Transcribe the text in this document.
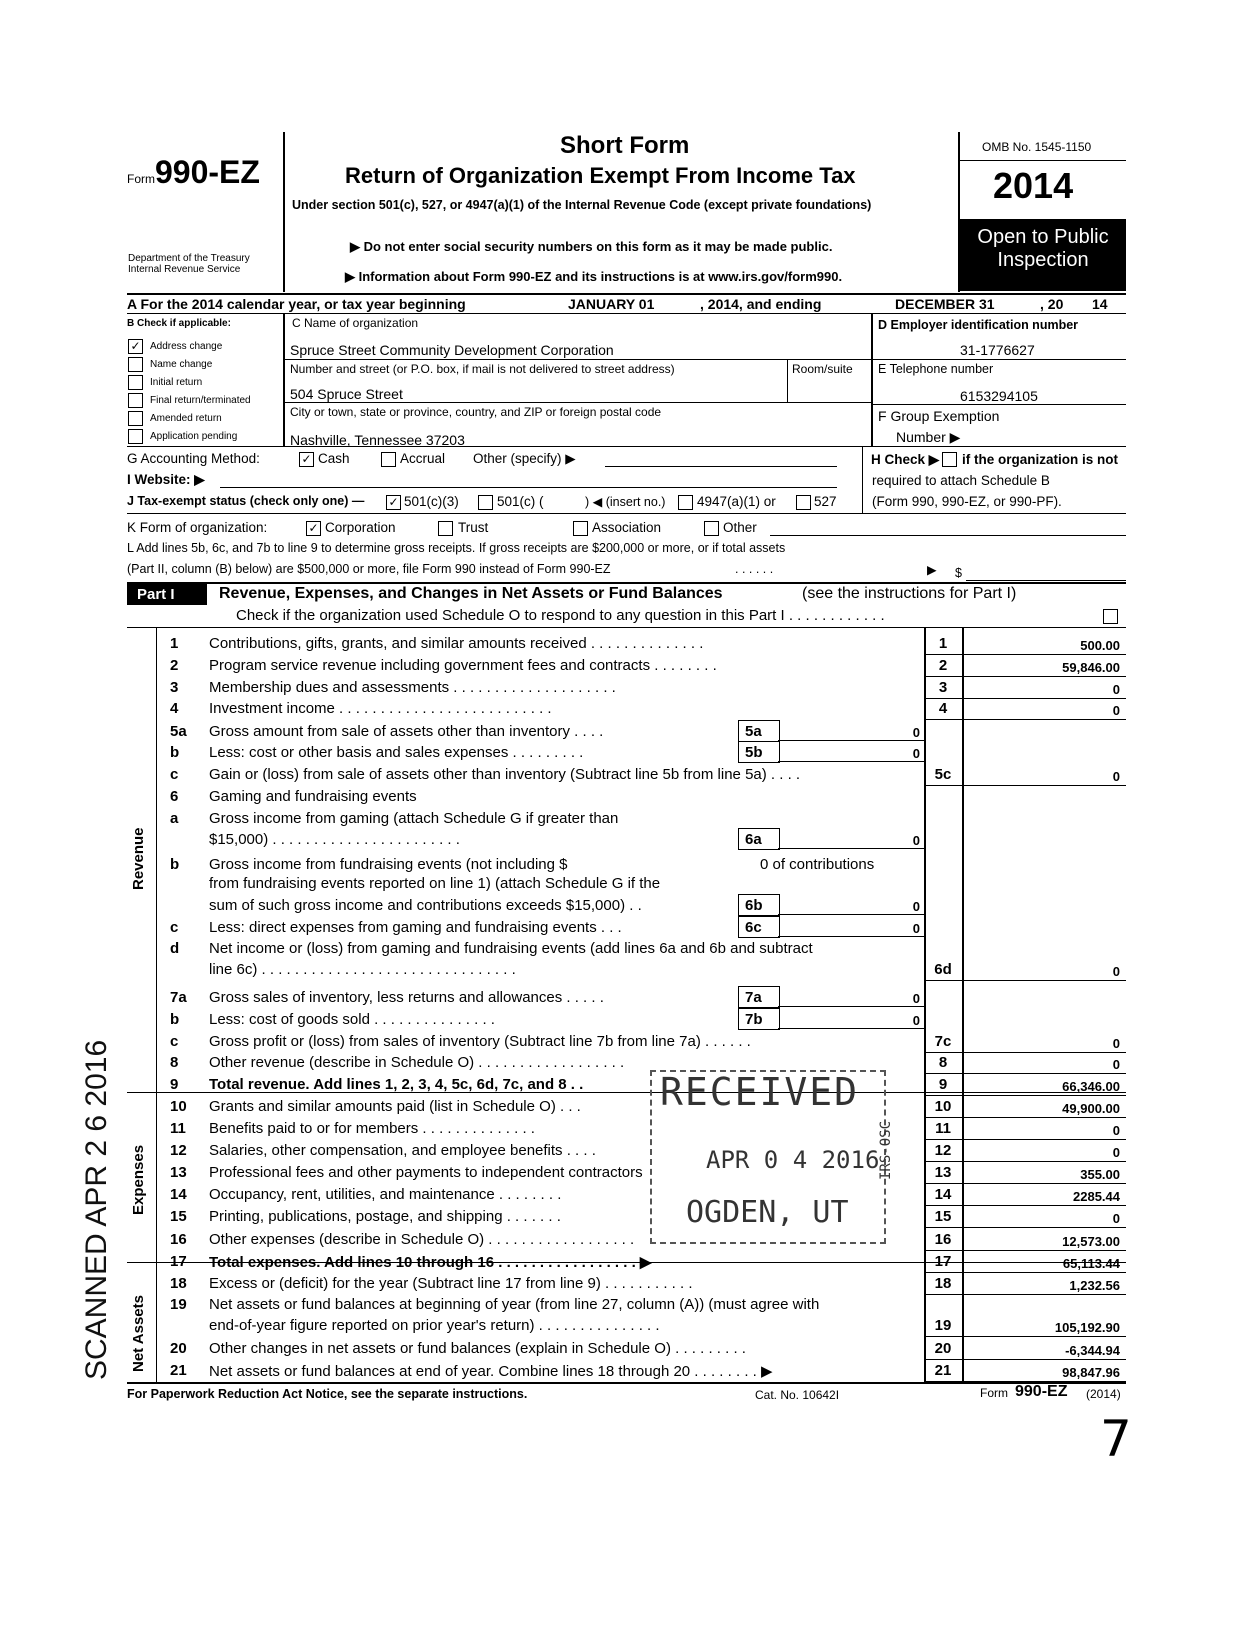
Form 990-EZ
Department of the Treasury
Internal Revenue Service
Short Form
Return of Organization Exempt From Income Tax
Under section 501(c), 527, or 4947(a)(1) of the Internal Revenue Code (except private foundations)
▶ Do not enter social security numbers on this form as it may be made public.
▶ Information about Form 990-EZ and its instructions is at www.irs.gov/form990.
OMB No. 1545-1150
2014
Open to Public
Inspection
A For the 2014 calendar year, or tax year beginning	JANUARY 01	, 2014, and ending	DECEMBER 31	, 20 14
B Check if applicable:
✓ Address change
Name change
Initial return
Final return/terminated
Amended return
Application pending
C Name of organization
Spruce Street Community Development Corporation
Number and street (or P.O. box, if mail is not delivered to street address)	Room/suite
504 Spruce Street
City or town, state or province, country, and ZIP or foreign postal code
Nashville, Tennessee 37203
D Employer identification number
31-1776627
E Telephone number
6153294105
F Group Exemption
Number ▶
G Accounting Method:	✓ Cash	Accrual Other (specify) ▶	H Check ▶ if the organization is not
required to attach Schedule B
(Form 990, 990-EZ, or 990-PF).
I Website: ▶
J Tax-exempt status (check only one) — ✓ 501(c)(3)	501(c) (	) ◀ (insert no.) 4947(a)(1) or	527
K Form of organization:	✓ Corporation	Trust	Association	Other
L Add lines 5b, 6c, and 7b to line 9 to determine gross receipts. If gross receipts are $200,000 or more, or if total assets
(Part II, column (B) below) are $500,000 or more, file Form 990 instead of Form 990-EZ	. . . . . .	▶ $
Part I	Revenue, Expenses, and Changes in Net Assets or Fund Balances	(see the instructions for Part I)
Check if the organization used Schedule O to respond to any question in this Part I . . . . . . . . . . . .
Revenue
Expenses
Net Assets
1 Contributions, gifts, grants, and similar amounts received . . . . . . . . . . . . . .	1	500.00
2 Program service revenue including government fees and contracts . . . . . . . .	2	59,846.00
3 Membership dues and assessments . . . . . . . . . . . . . . . . . . . .	3	0
4 Investment income . . . . . . . . . . . . . . . . . . . . . . . . . .	4	0
5a Gross amount from sale of assets other than inventory . . . .	5a	0
b Less: cost or other basis and sales expenses . . . . . . . . .	5b	0
c Gain or (loss) from sale of assets other than inventory (Subtract line 5b from line 5a) . . . .	5c	0
6 Gaming and fundraising events
a Gross income from gaming (attach Schedule G if greater than
$15,000) . . . . . . . . . . . . . . . . . . . . . . .	6a	0
b Gross income from fundraising events (not including $	0 of contributions
from fundraising events reported on line 1) (attach Schedule G if the
sum of such gross income and contributions exceeds $15,000) . .	6b	0
c Less: direct expenses from gaming and fundraising events . . .	6c	0
d Net income or (loss) from gaming and fundraising events (add lines 6a and 6b and subtract
line 6c) . . . . . . . . . . . . . . . . . . . . . . . . . . . . . . .	6d	0
7a Gross sales of inventory, less returns and allowances . . . . .	7a	0
b Less: cost of goods sold . . . . . . . . . . . . . . .	7b	0
c Gross profit or (loss) from sales of inventory (Subtract line 7b from line 7a) . . . . . .	7c	0
8 Other revenue (describe in Schedule O) . . . . . . . . . . . . . . . . . .	8	0
9 Total revenue. Add lines 1, 2, 3, 4, 5c, 6d, 7c, and 8 . .	9	66,346.00
10 Grants and similar amounts paid (list in Schedule O) . . .	10	49,900.00
11 Benefits paid to or for members . . . . . . . . . . . . . .	11	0
12 Salaries, other compensation, and employee benefits . . . .	12	0
13 Professional fees and other payments to independent contractors	13	355.00
14 Occupancy, rent, utilities, and maintenance . . . . . . . .	14	2285.44
15 Printing, publications, postage, and shipping . . . . . . .	15	0
16 Other expenses (describe in Schedule O) . . . . . . . . . . . . . . . . . .	16	12,573.00
17 Total expenses. Add lines 10 through 16 . . . . . . . . . . . . . . . . . ▶	17	65,113.44
18 Excess or (deficit) for the year (Subtract line 17 from line 9) . . . . . . . . . . .	18	1,232.56
19 Net assets or fund balances at beginning of year (from line 27, column (A)) (must agree with
end-of-year figure reported on prior year's return) . . . . . . . . . . . . . . .	19	105,192.90
20 Other changes in net assets or fund balances (explain in Schedule O) . . . . . . . . .	20	-6,344.94
21 Net assets or fund balances at end of year. Combine lines 18 through 20 . . . . . . . . ▶	21	98,847.96
RECEIVED
APR 0 4 2016
OGDEN, UT
IRS-OSC
SCANNED APR 2 6 2016
For Paperwork Reduction Act Notice, see the separate instructions.	Cat. No. 10642I	Form 990-EZ (2014)
7
